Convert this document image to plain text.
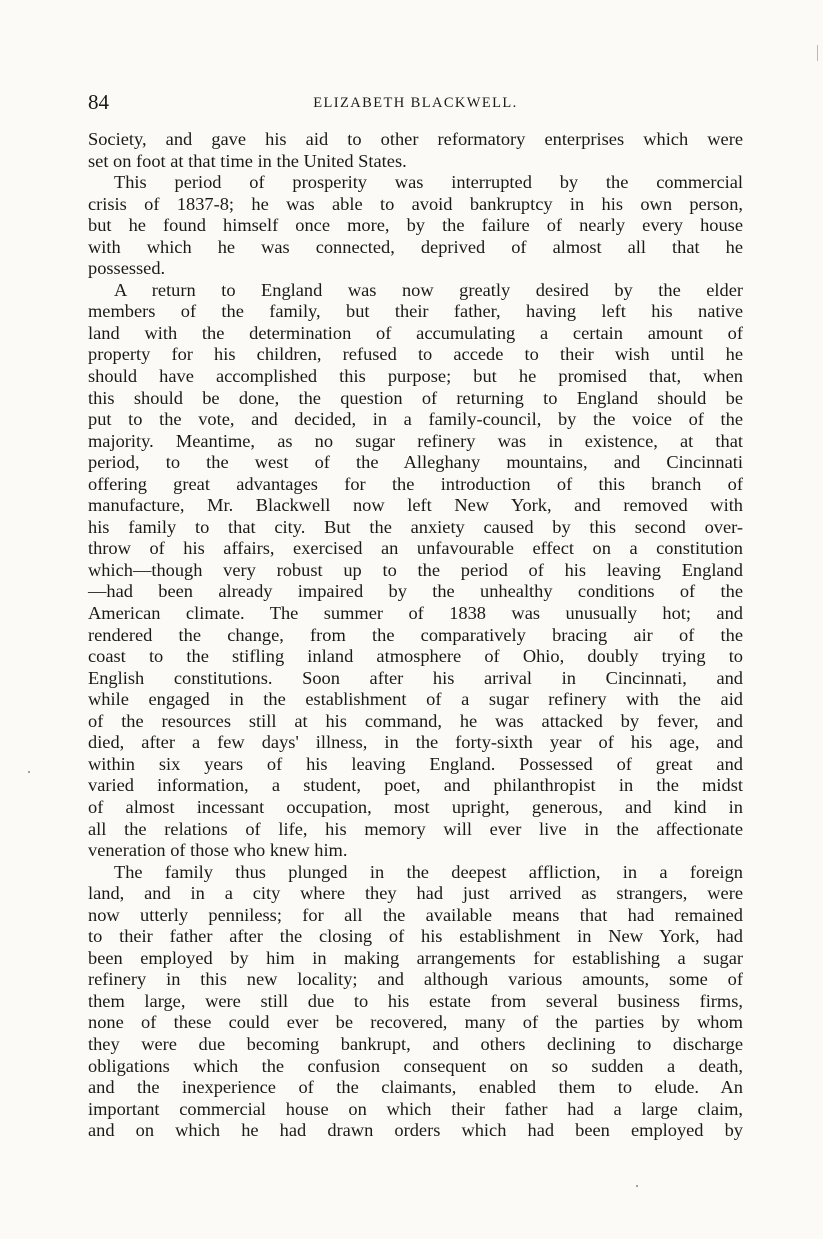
84	ELIZABETH BLACKWELL.
Society, and gave his aid to other reformatory enterprises which were
set on foot at that time in the United States.
This period of prosperity was interrupted by the commercial
crisis of 1837-8; he was able to avoid bankruptcy in his own person,
but he found himself once more, by the failure of nearly every house
with which he was connected, deprived of almost all that he
possessed.
A return to England was now greatly desired by the elder
members of the family, but their father, having left his native
land with the determination of accumulating a certain amount of
property for his children, refused to accede to their wish until he
should have accomplished this purpose; but he promised that, when
this should be done, the question of returning to England should be
put to the vote, and decided, in a family-council, by the voice of the
majority. Meantime, as no sugar refinery was in existence, at that
period, to the west of the Alleghany mountains, and Cincinnati
offering great advantages for the introduction of this branch of
manufacture, Mr. Blackwell now left New York, and removed with
his family to that city. But the anxiety caused by this second over-
throw of his affairs, exercised an unfavourable effect on a constitution
which—though very robust up to the period of his leaving England
—had been already impaired by the unhealthy conditions of the
American climate. The summer of 1838 was unusually hot; and
rendered the change, from the comparatively bracing air of the
coast to the stifling inland atmosphere of Ohio, doubly trying to
English constitutions. Soon after his arrival in Cincinnati, and
while engaged in the establishment of a sugar refinery with the aid
of the resources still at his command, he was attacked by fever, and
died, after a few days' illness, in the forty-sixth year of his age, and
within six years of his leaving England. Possessed of great and
varied information, a student, poet, and philanthropist in the midst
of almost incessant occupation, most upright, generous, and kind in
all the relations of life, his memory will ever live in the affectionate
veneration of those who knew him.
The family thus plunged in the deepest affliction, in a foreign
land, and in a city where they had just arrived as strangers, were
now utterly penniless; for all the available means that had remained
to their father after the closing of his establishment in New York, had
been employed by him in making arrangements for establishing a sugar
refinery in this new locality; and although various amounts, some of
them large, were still due to his estate from several business firms,
none of these could ever be recovered, many of the parties by whom
they were due becoming bankrupt, and others declining to discharge
obligations which the confusion consequent on so sudden a death,
and the inexperience of the claimants, enabled them to elude. An
important commercial house on which their father had a large claim,
and on which he had drawn orders which had been employed by
